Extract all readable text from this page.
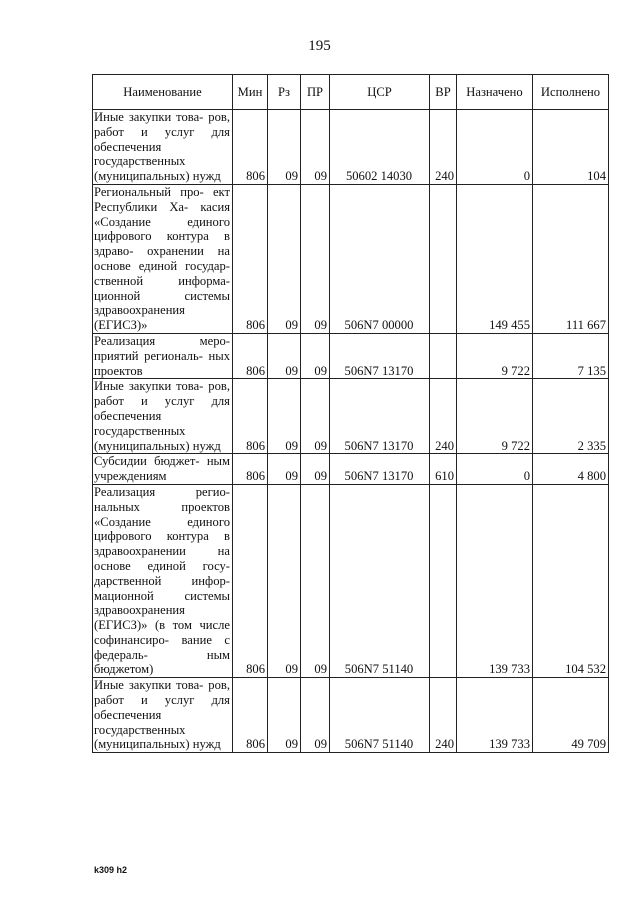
195
Наименование	Мин	Рз	ПР	ЦСР	ВР	Назначено	Исполнено
Иные закупки това- ров, работ и услуг для обеспечения государственных (муниципальных) нужд	806	09	09	50602 14030	240	0	104
Региональный про- ект Республики Ха- касия «Создание единого цифрового контура в здраво- охранении на основе единой государ- ственной информа- ционной системы здравоохранения (ЕГИСЗ)»	806	09	09	506N7 00000		149 455	111 667
Реализация меро- приятий региональ- ных проектов	806	09	09	506N7 13170		9 722	7 135
Иные закупки това- ров, работ и услуг для обеспечения государственных (муниципальных) нужд	806	09	09	506N7 13170	240	9 722	2 335
Субсидии бюджет- ным учреждениям	806	09	09	506N7 13170	610	0	4 800
Реализация регио- нальных проектов «Создание единого цифрового контура в здравоохранении на основе единой госу- дарственной инфор- мационной системы здравоохранения (ЕГИСЗ)» (в том числе софинансиро- вание с федераль- ным бюджетом)	806	09	09	506N7 51140		139 733	104 532
Иные закупки това- ров, работ и услуг для обеспечения государственных (муниципальных) нужд	806	09	09	506N7 51140	240	139 733	49 709
k309 h2
